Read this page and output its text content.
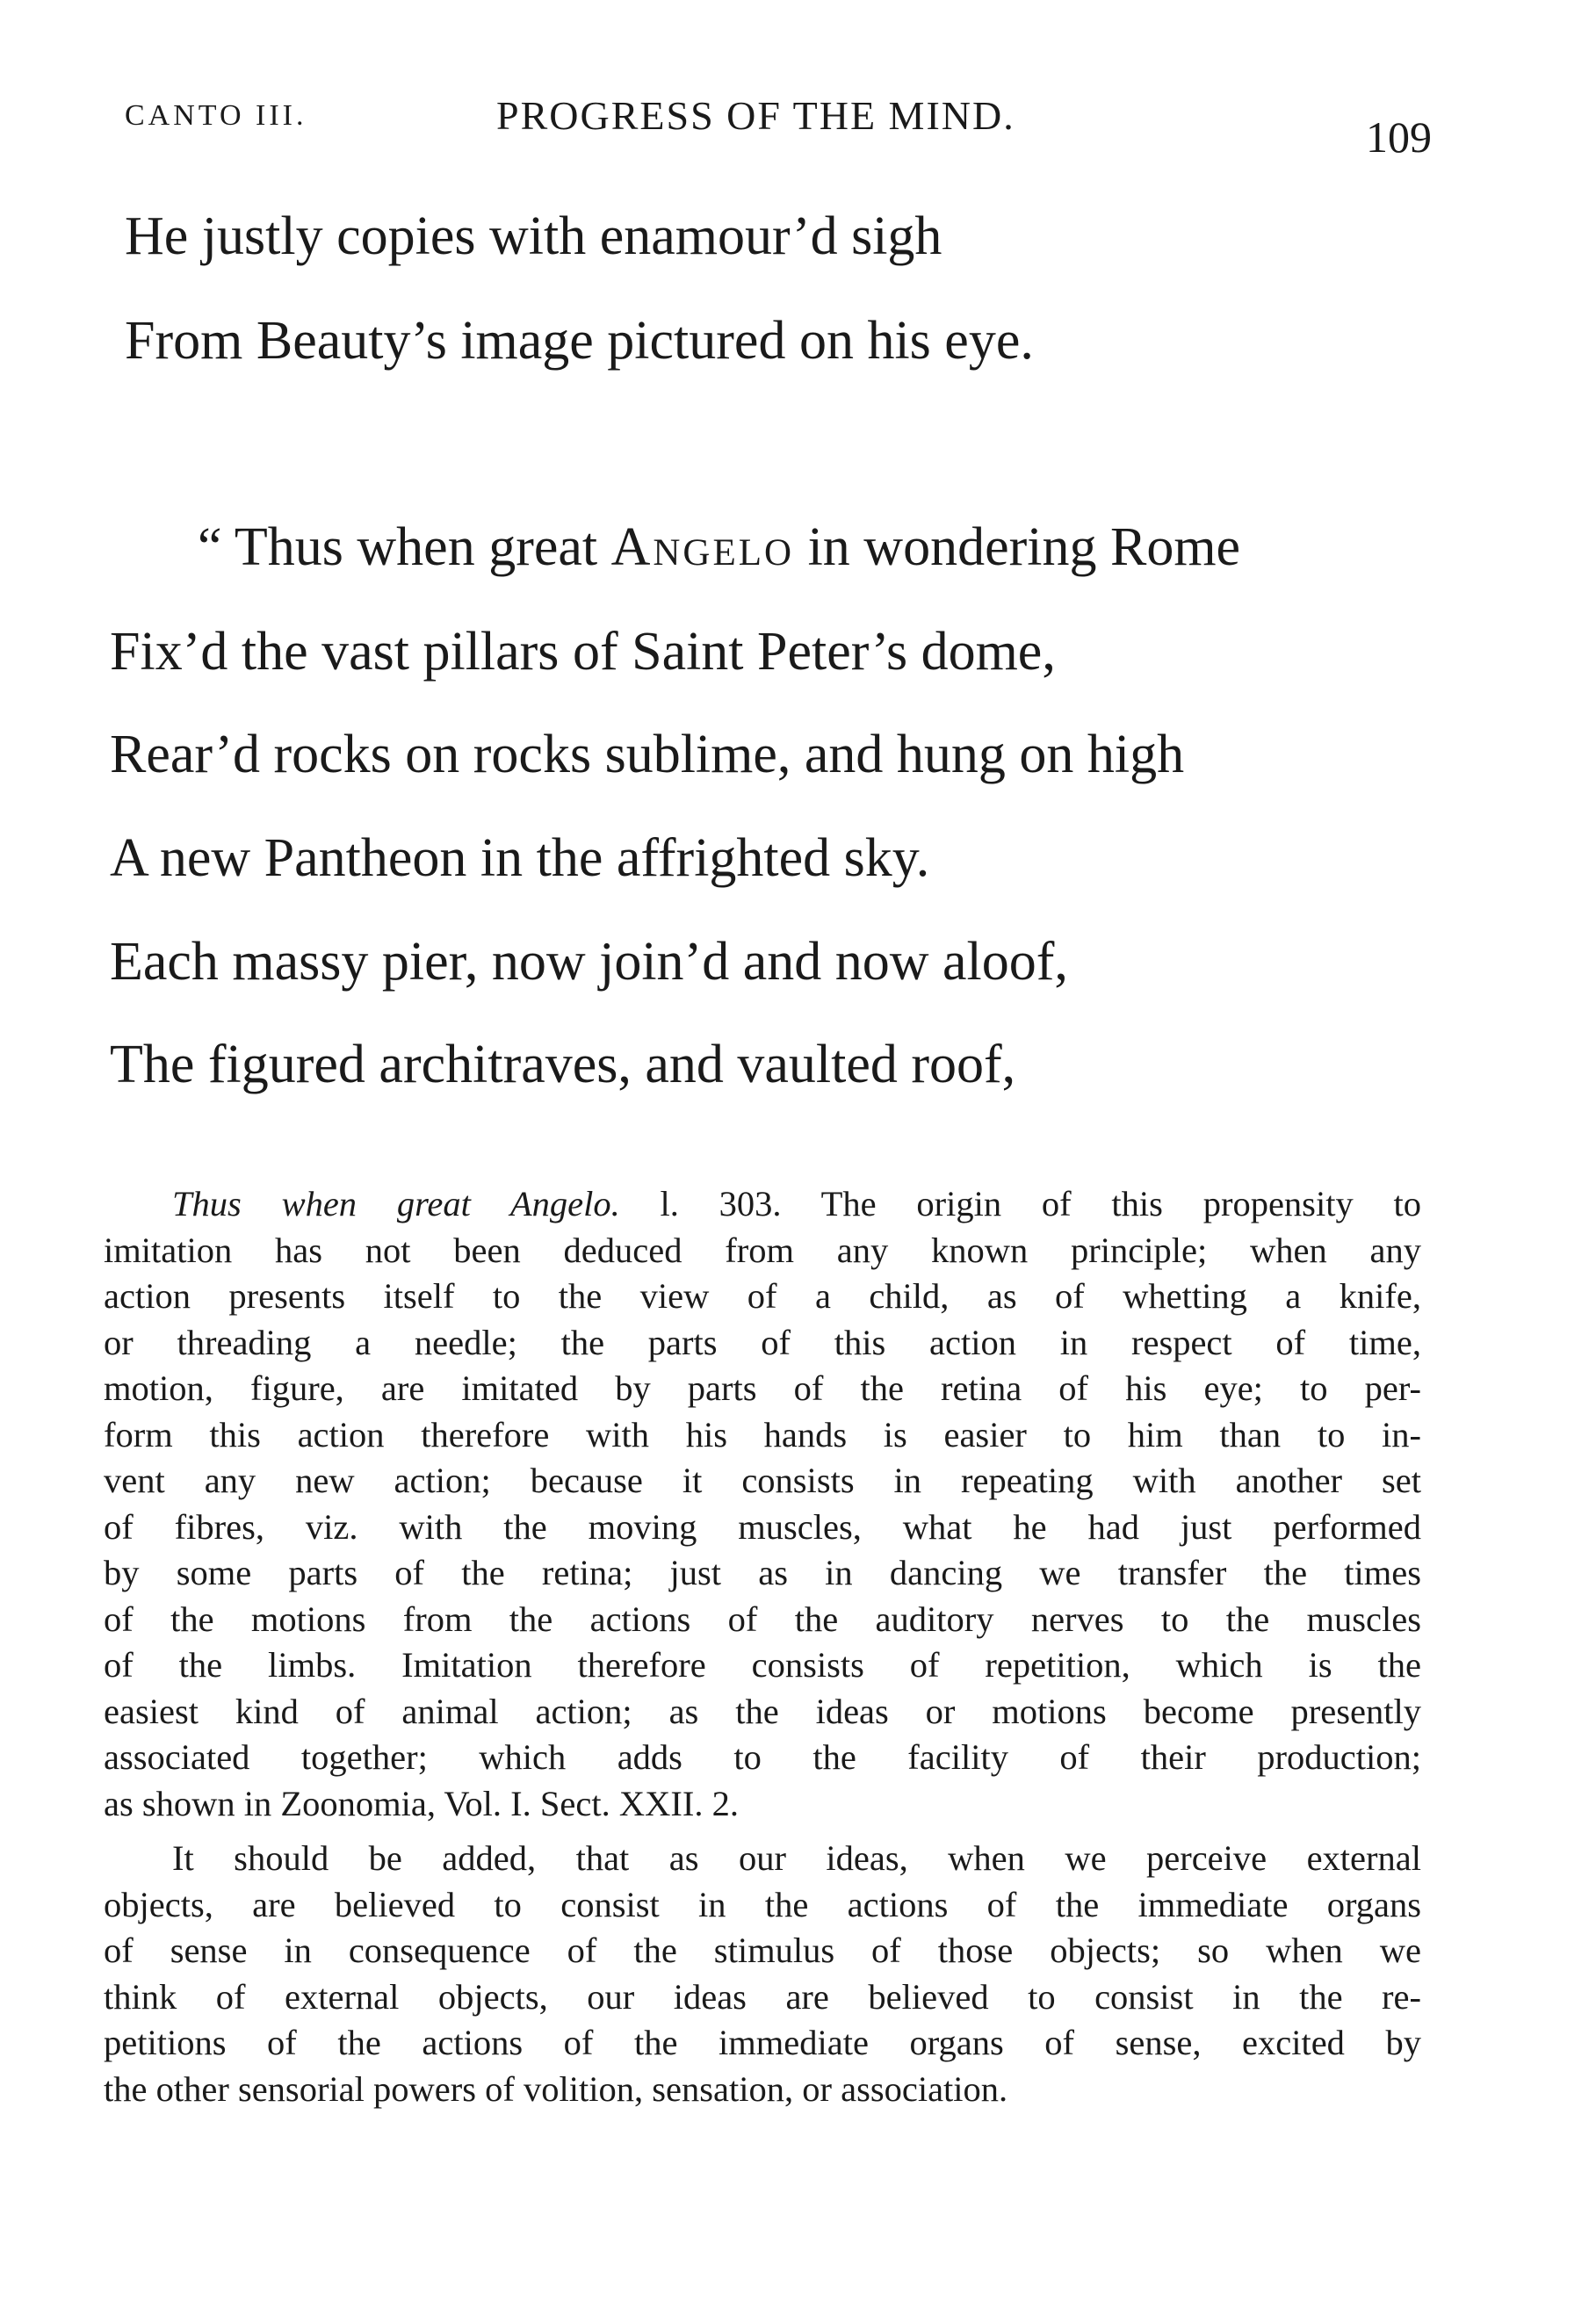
CANTO III.	PROGRESS OF THE MIND.	109
He justly copies with enamour’d sigh
From Beauty’s image pictured on his eye.
“ Thus when great Angelo in wondering Rome
Fix’d the vast pillars of Saint Peter’s dome,
Rear’d rocks on rocks sublime, and hung on high
A new Pantheon in the affrighted sky.
Each massy pier, now join’d and now aloof,
The figured architraves, and vaulted roof,
Thus when great Angelo. l. 303. The origin of this propensity to
imitation has not been deduced from any known principle; when any
action presents itself to the view of a child, as of whetting a knife,
or threading a needle; the parts of this action in respect of time,
motion, figure, are imitated by parts of the retina of his eye; to per-
form this action therefore with his hands is easier to him than to in-
vent any new action; because it consists in repeating with another set
of fibres, viz. with the moving muscles, what he had just performed
by some parts of the retina; just as in dancing we transfer the times
of the motions from the actions of the auditory nerves to the muscles
of the limbs. Imitation therefore consists of repetition, which is the
easiest kind of animal action; as the ideas or motions become presently
associated together; which adds to the facility of their production;
as shown in Zoonomia, Vol. I. Sect. XXII. 2.
It should be added, that as our ideas, when we perceive external
objects, are believed to consist in the actions of the immediate organs
of sense in consequence of the stimulus of those objects; so when we
think of external objects, our ideas are believed to consist in the re-
petitions of the actions of the immediate organs of sense, excited by
the other sensorial powers of volition, sensation, or association.
